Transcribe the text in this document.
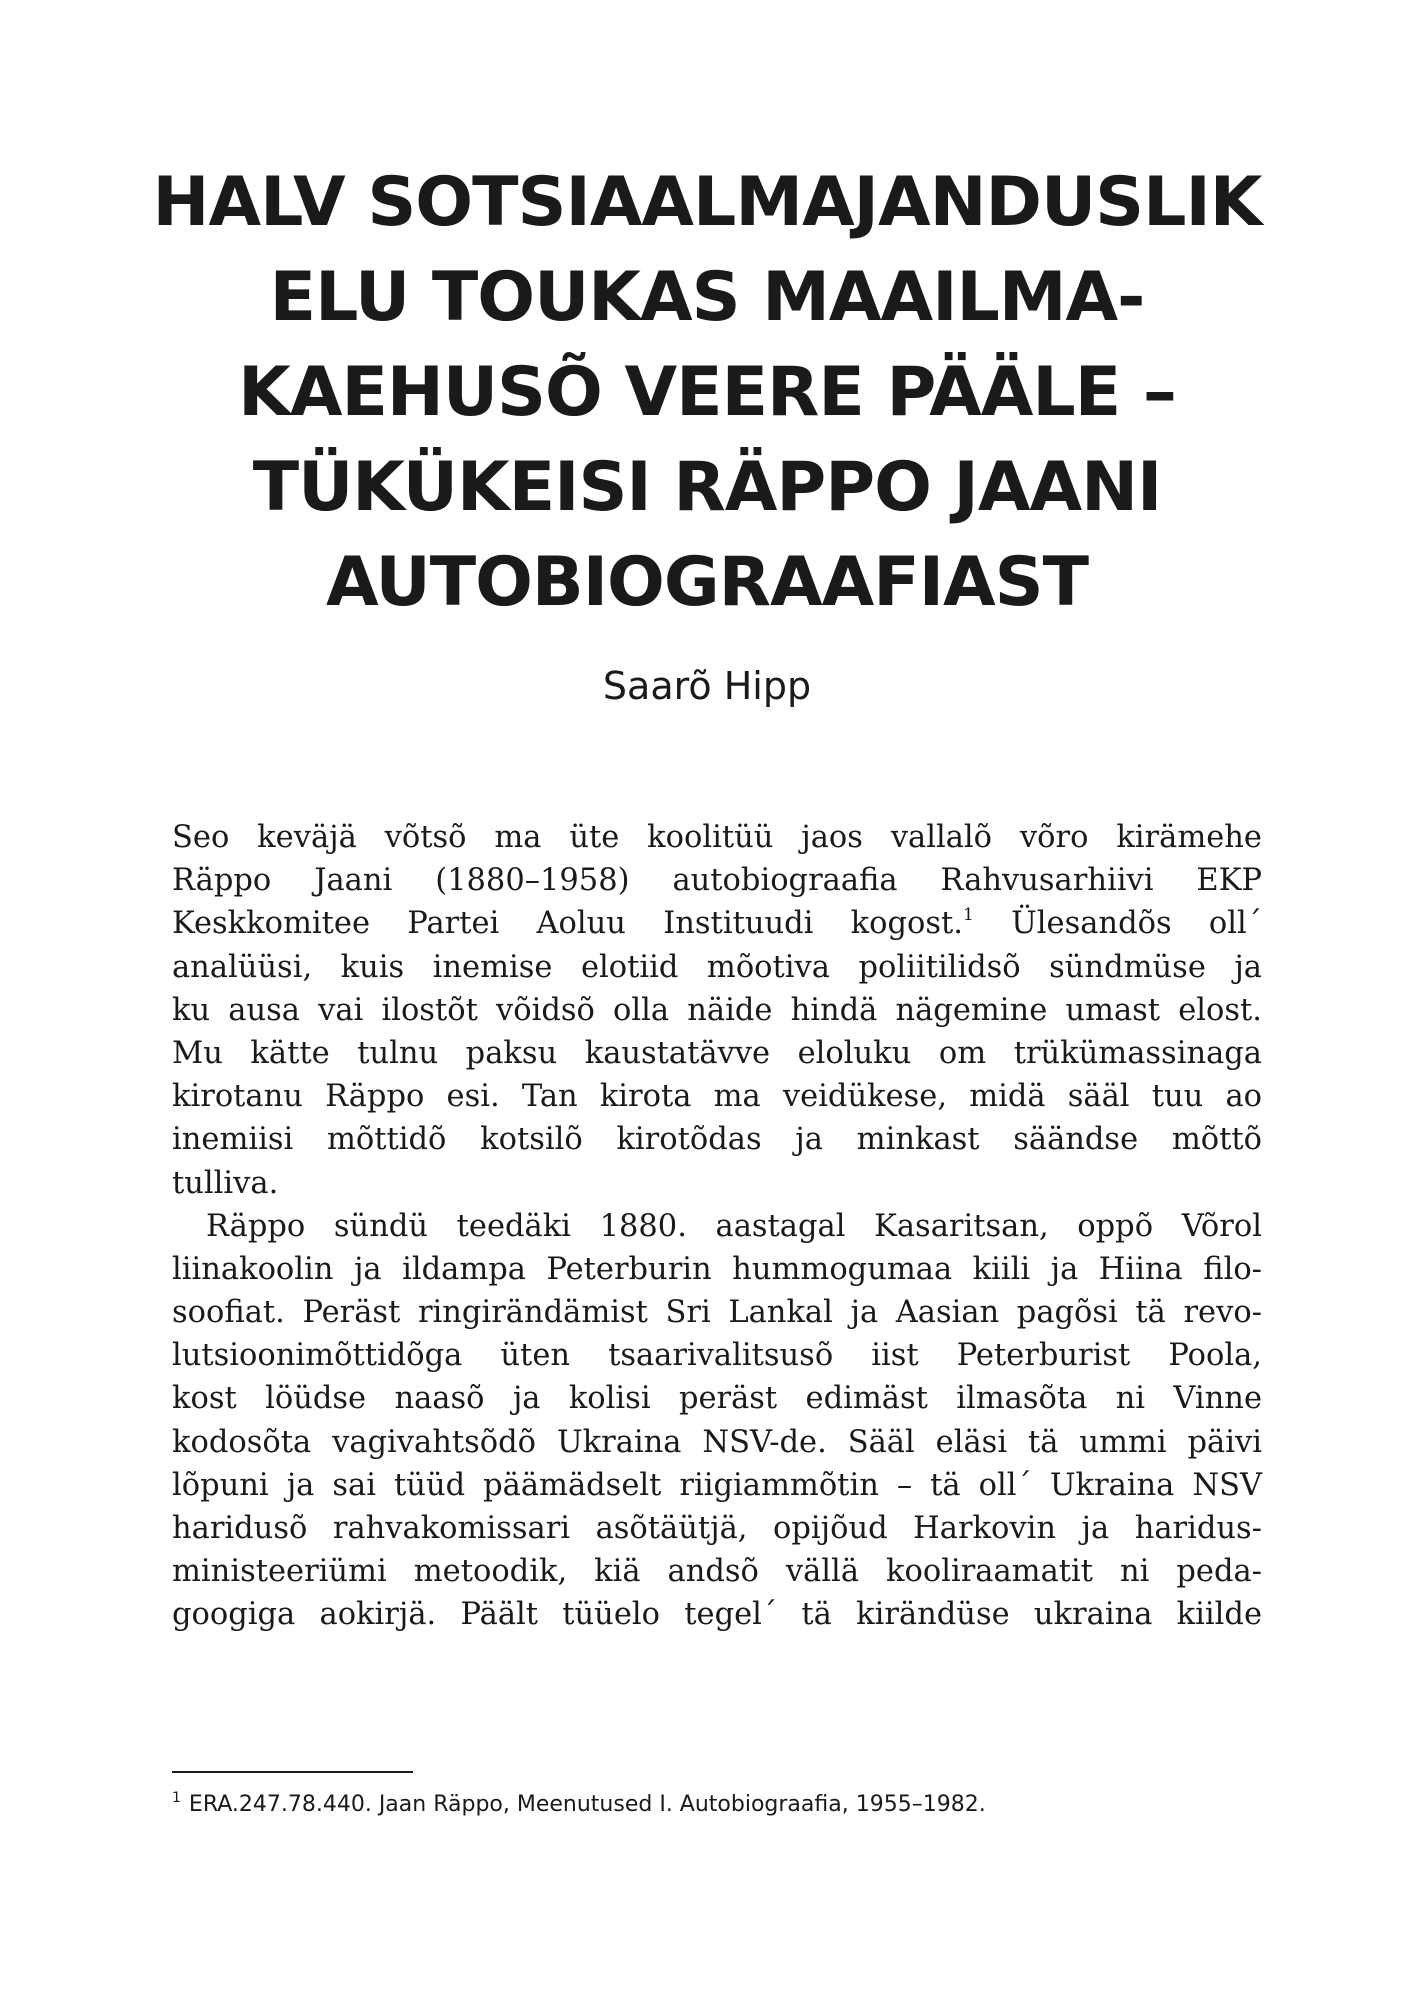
HALV SOTSIAALMAJANDUSLIK
ELU TOUKAS MAAILMA-
KAEHUSÕ VEERE PÄÄLE –
TÜKÜKEISI RÄPPO JAANI
AUTOBIOGRAAFIAST
Saarõ Hipp
Seo keväjä võtsõ ma üte koolitüü jaos vallalõ võro kirämehe
Räppo Jaani (1880–1958) autobiograafia Rahvusarhiivi EKP
Keskkomitee Partei Aoluu Instituudi kogost.$^1$ Ülesandõs oll´
analüüsi, kuis inemise elotiid mõotiva poliitilidsõ sündmüse ja
ku ausa vai ilostõt võidsõ olla näide hindä nägemine umast elost.
Mu kätte tulnu paksu kaustatävve eloluku om trükümassinaga
kirotanu Räppo esi. Tan kirota ma veidükese, midä sääl tuu ao
inemiisi mõttidõ kotsilõ kirotõdas ja minkast säändse mõttõ
tulliva.
Räppo sündü teedäki 1880. aastagal Kasaritsan, oppõ Võrol
liinakoolin ja ildampa Peterburin hummogumaa kiili ja Hiina filo-
soofiat. Peräst ringirändämist Sri Lankal ja Aasian pagõsi tä revo-
lutsioonimõttidõga üten tsaarivalitsusõ iist Peterburist Poola,
kost löüdse naasõ ja kolisi peräst edimäst ilmasõta ni Vinne
kodosõta vagivahtsõdõ Ukraina NSV-de. Sääl eläsi tä ummi päivi
lõpuni ja sai tüüd päämädselt riigiammõtin – tä oll´ Ukraina NSV
haridusõ rahvakomissari asõtäütjä, opijõud Harkovin ja haridus-
ministeeriümi metoodik, kiä andsõ vällä kooliraamatit ni peda-
googiga aokirjä. Päält tüüelo tegel´ tä kirändüse ukraina kiilde
$^1$ ERA.247.78.440. Jaan Räppo, Meenutused I. Autobiograafia, 1955–1982.
